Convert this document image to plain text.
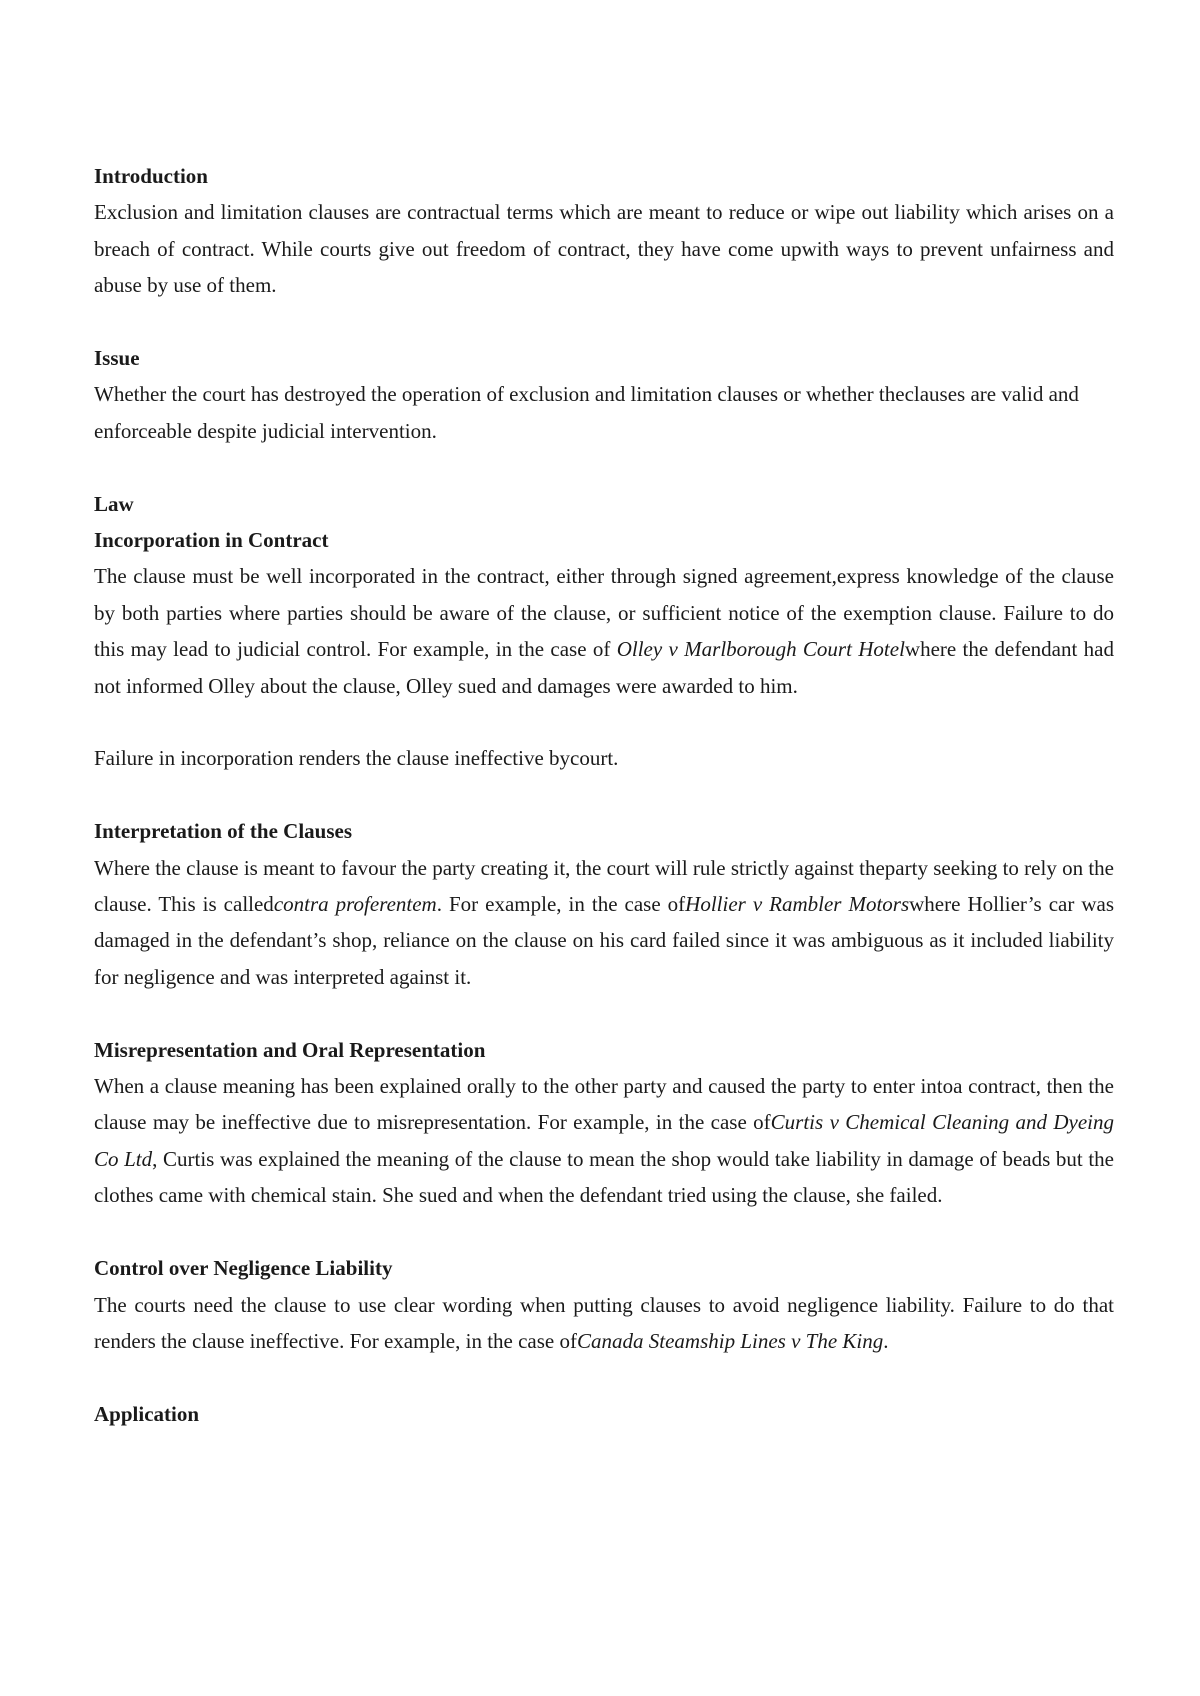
Introduction

Exclusion and limitation clauses are contractual terms which are meant to reduce or wipe out liability which arises on a breach of contract. While courts give out freedom of contract, they have come upwith ways to prevent unfairness and abuse by use of them.

Issue

Whether the court has destroyed the operation of exclusion and limitation clauses or whether theclauses are valid and enforceable despite judicial intervention.

Law

Incorporation in Contract

The clause must be well incorporated in the contract, either through signed agreement,express knowledge of the clause by both parties where parties should be aware of the clause, or sufficient notice of the exemption clause. Failure to do this may lead to judicial control. For example, in the case of Olley v Marlborough Court Hotelwhere the defendant had not informed Olley about the clause, Olley sued and damages were awarded to him.

Failure in incorporation renders the clause ineffective bycourt.

Interpretation of the Clauses

Where the clause is meant to favour the party creating it, the court will rule strictly against theparty seeking to rely on the clause. This is calledcontra proferentem. For example, in the case ofHollier v Rambler Motorswhere Hollier’s car was damaged in the defendant’s shop, reliance on the clause on his card failed since it was ambiguous as it included liability for negligence and was interpreted against it.

Misrepresentation and Oral Representation

When a clause meaning has been explained orally to the other party and caused the party to enter intoa contract, then the clause may be ineffective due to misrepresentation. For example, in the case ofCurtis v Chemical Cleaning and Dyeing Co Ltd, Curtis was explained the meaning of the clause to mean the shop would take liability in damage of beads but the clothes came with chemical stain. She sued and when the defendant tried using the clause, she failed.

Control over Negligence Liability

The courts need the clause to use clear wording when putting clauses to avoid negligence liability. Failure to do that renders the clause ineffective. For example, in the case ofCanada Steamship Lines v The King.

Application
